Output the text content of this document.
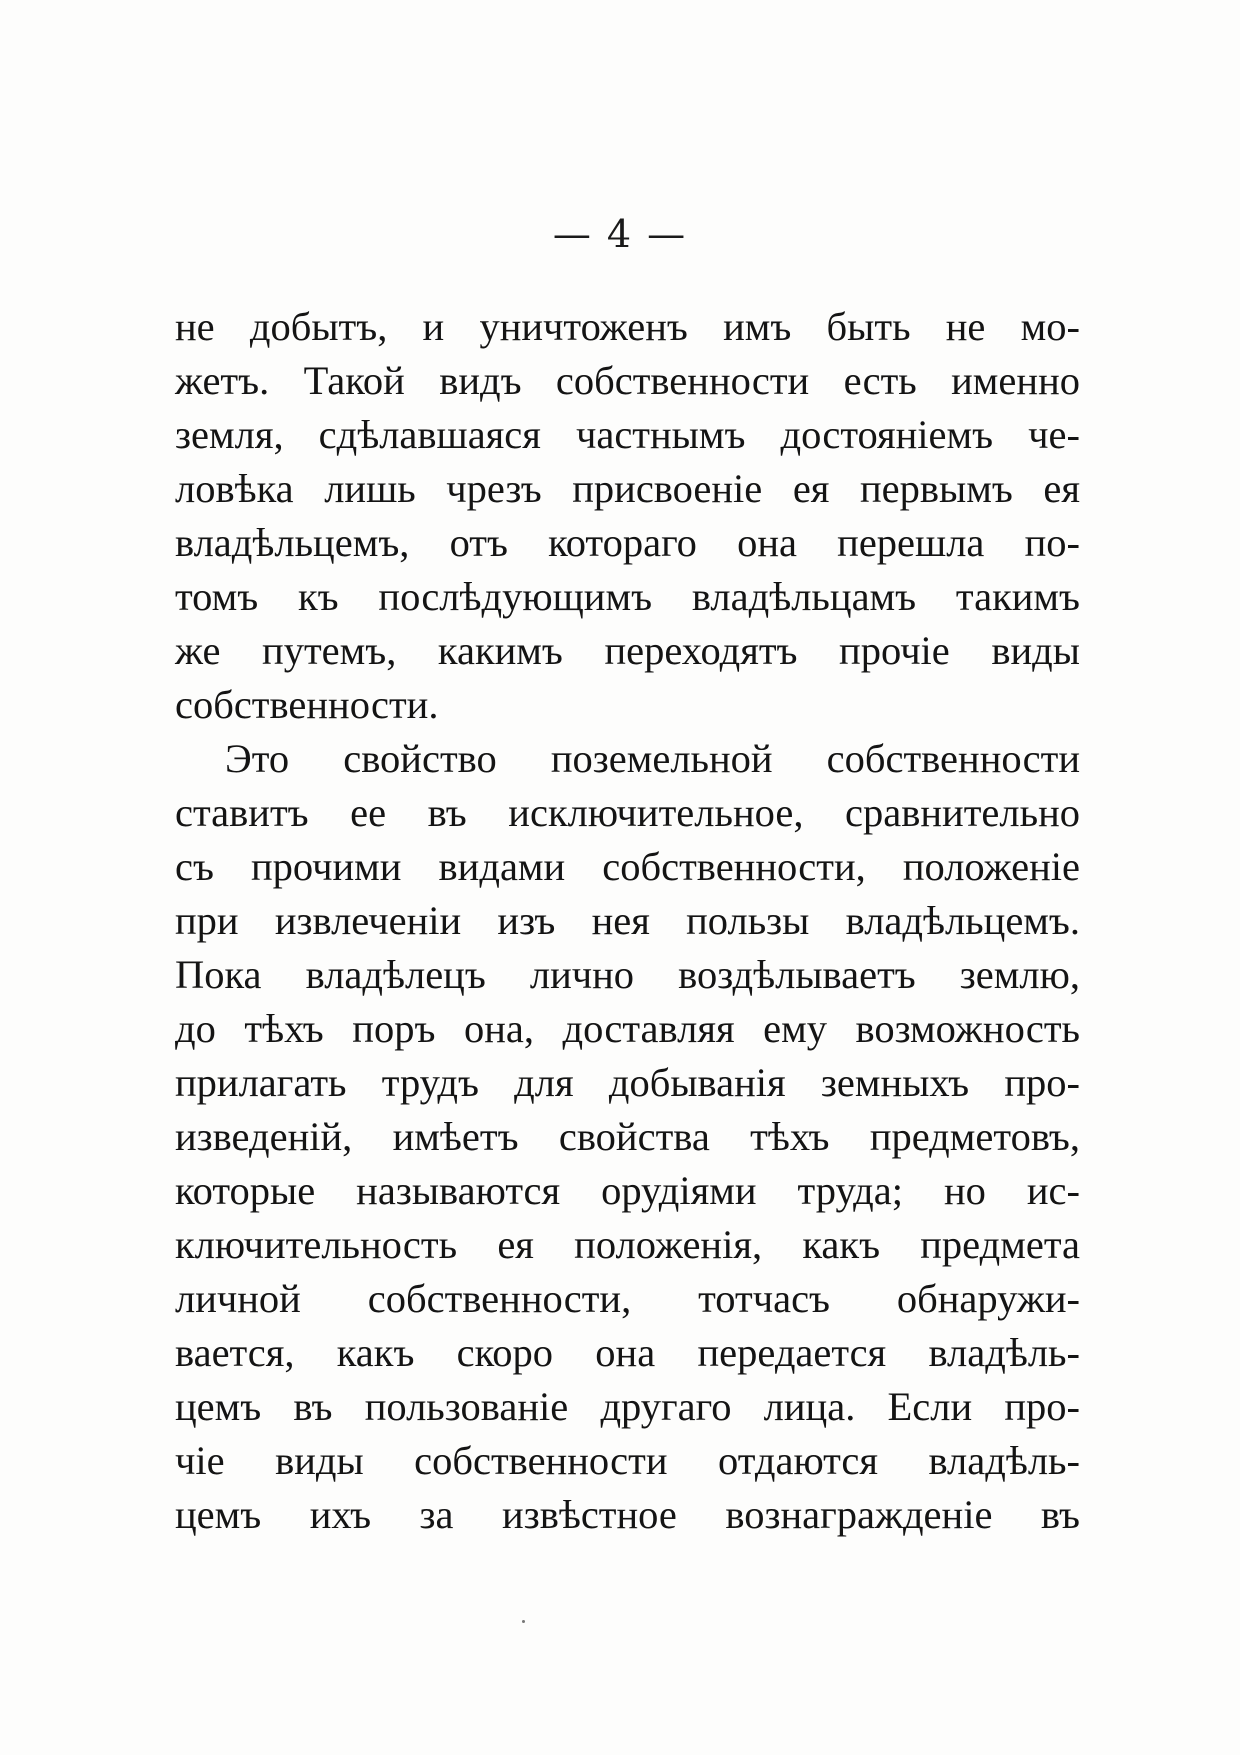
— 4 —
не добытъ, и уничтоженъ имъ быть не мо-
жетъ. Такой видъ собственности есть именно
земля, сдѣлавшаяся частнымъ достояніемъ че-
ловѣка лишь чрезъ присвоеніе ея первымъ ея
владѣльцемъ, отъ котораго она перешла по-
томъ къ послѣдующимъ владѣльцамъ такимъ
же путемъ, какимъ переходятъ прочіе виды
собственности.
Это свойство поземельной собственности
ставитъ ее въ исключительное, сравнительно
съ прочими видами собственности, положеніе
при извлеченіи изъ нея пользы владѣльцемъ.
Пока владѣлецъ лично воздѣлываетъ землю,
до тѣхъ поръ она, доставляя ему возможность
прилагать трудъ для добыванія земныхъ про-
изведеній, имѣетъ свойства тѣхъ предметовъ,
которые называются орудіями труда; но ис-
ключительность ея положенія, какъ предмета
личной собственности, тотчасъ обнаружи-
вается, какъ скоро она передается владѣль-
цемъ въ пользованіе другаго лица. Если про-
чіе виды собственности отдаются владѣль-
цемъ ихъ за извѣстное вознагражденіе въ
